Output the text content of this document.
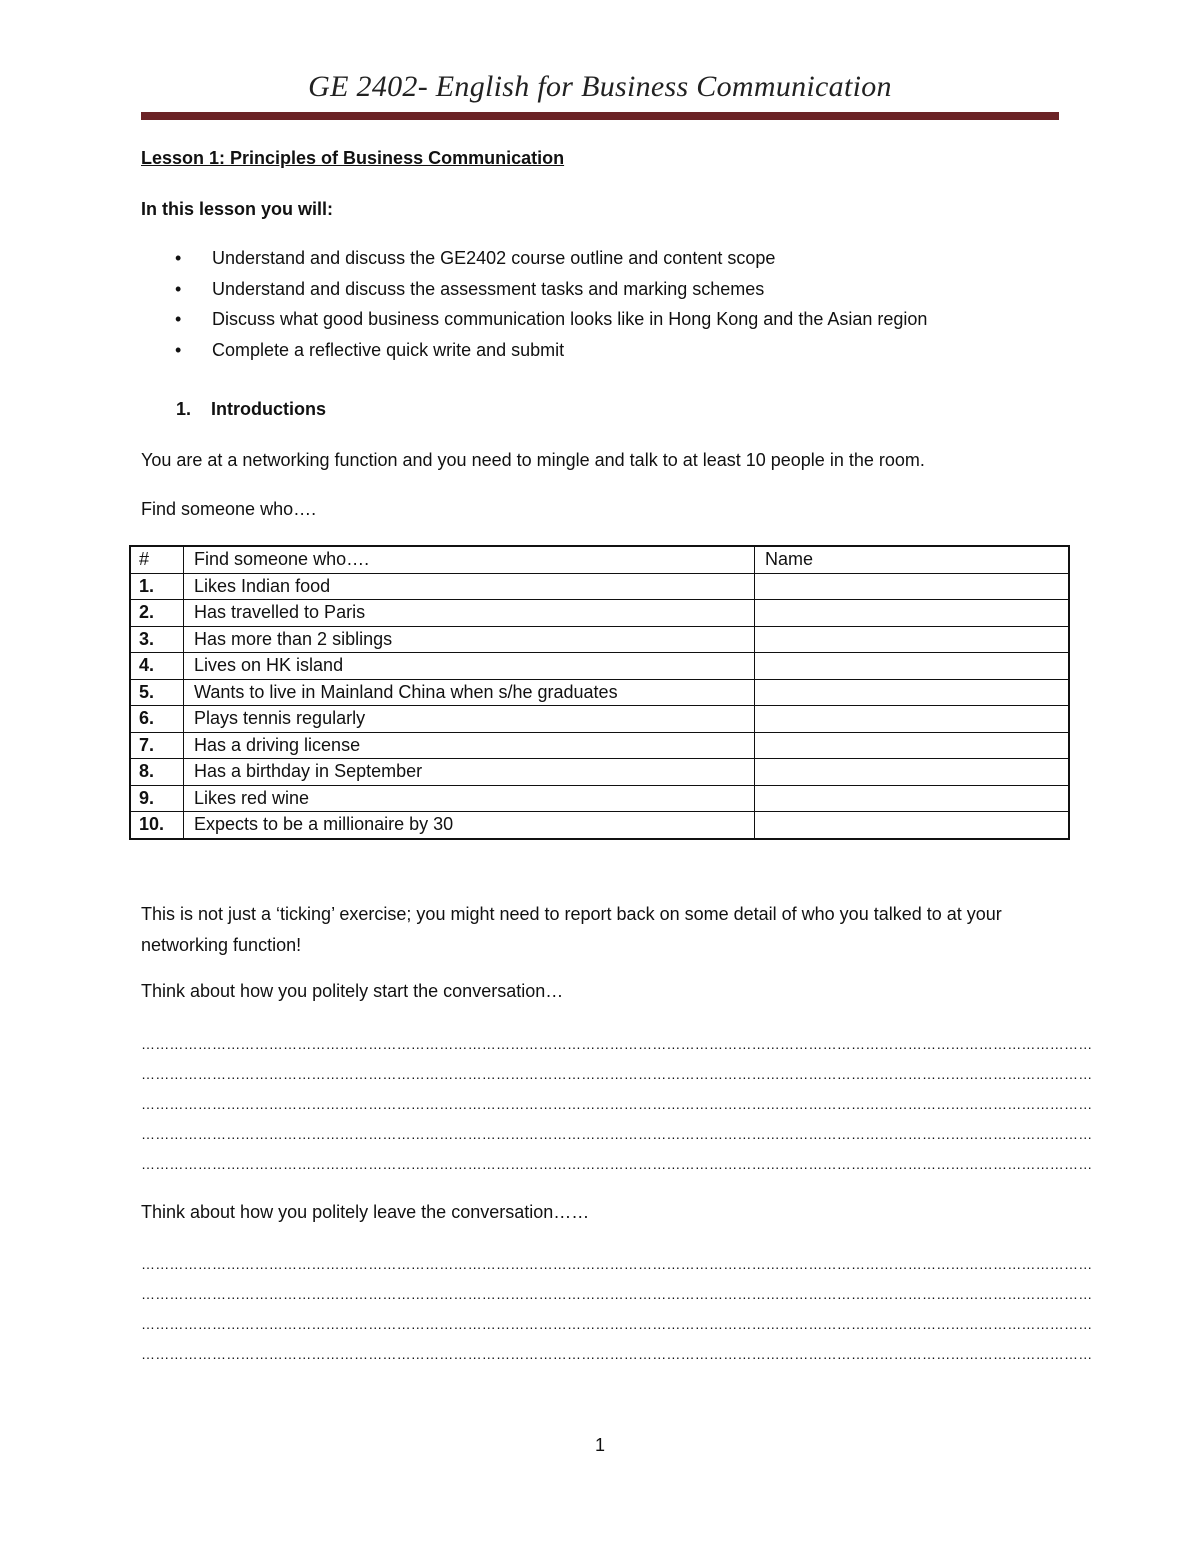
GE 2402- English for Business Communication
Lesson 1: Principles of Business Communication
In this lesson you will:
• Understand and discuss the GE2402 course outline and content scope
• Understand and discuss the assessment tasks and marking schemes
• Discuss what good business communication looks like in Hong Kong and the Asian region
• Complete a reflective quick write and submit
1. Introductions
You are at a networking function and you need to mingle and talk to at least 10 people in the room.
Find someone who….
#	Find someone who….	Name
1.	Likes Indian food	
2.	Has travelled to Paris	
3.	Has more than 2 siblings	
4.	Lives on HK island	
5.	Wants to live in Mainland China when s/he graduates	
6.	Plays tennis regularly	
7.	Has a driving license	
8.	Has a birthday in September	
9.	Likes red wine	
10.	Expects to be a millionaire by 30	
This is not just a ‘ticking’ exercise; you might need to report back on some detail of who you talked to at your networking function!
Think about how you politely start the conversation…
…………………………………………………………………………………………………………………………………………………………………………………
…………………………………………………………………………………………………………………………………………………………………………………
…………………………………………………………………………………………………………………………………………………………………………………
…………………………………………………………………………………………………………………………………………………………………………………
…………………………………………………………………………………………………………………………………………………………………………………
Think about how you politely leave the conversation……
…………………………………………………………………………………………………………………………………………………………………………………
…………………………………………………………………………………………………………………………………………………………………………………
…………………………………………………………………………………………………………………………………………………………………………………
…………………………………………………………………………………………………………………………………………………………………………………
1
